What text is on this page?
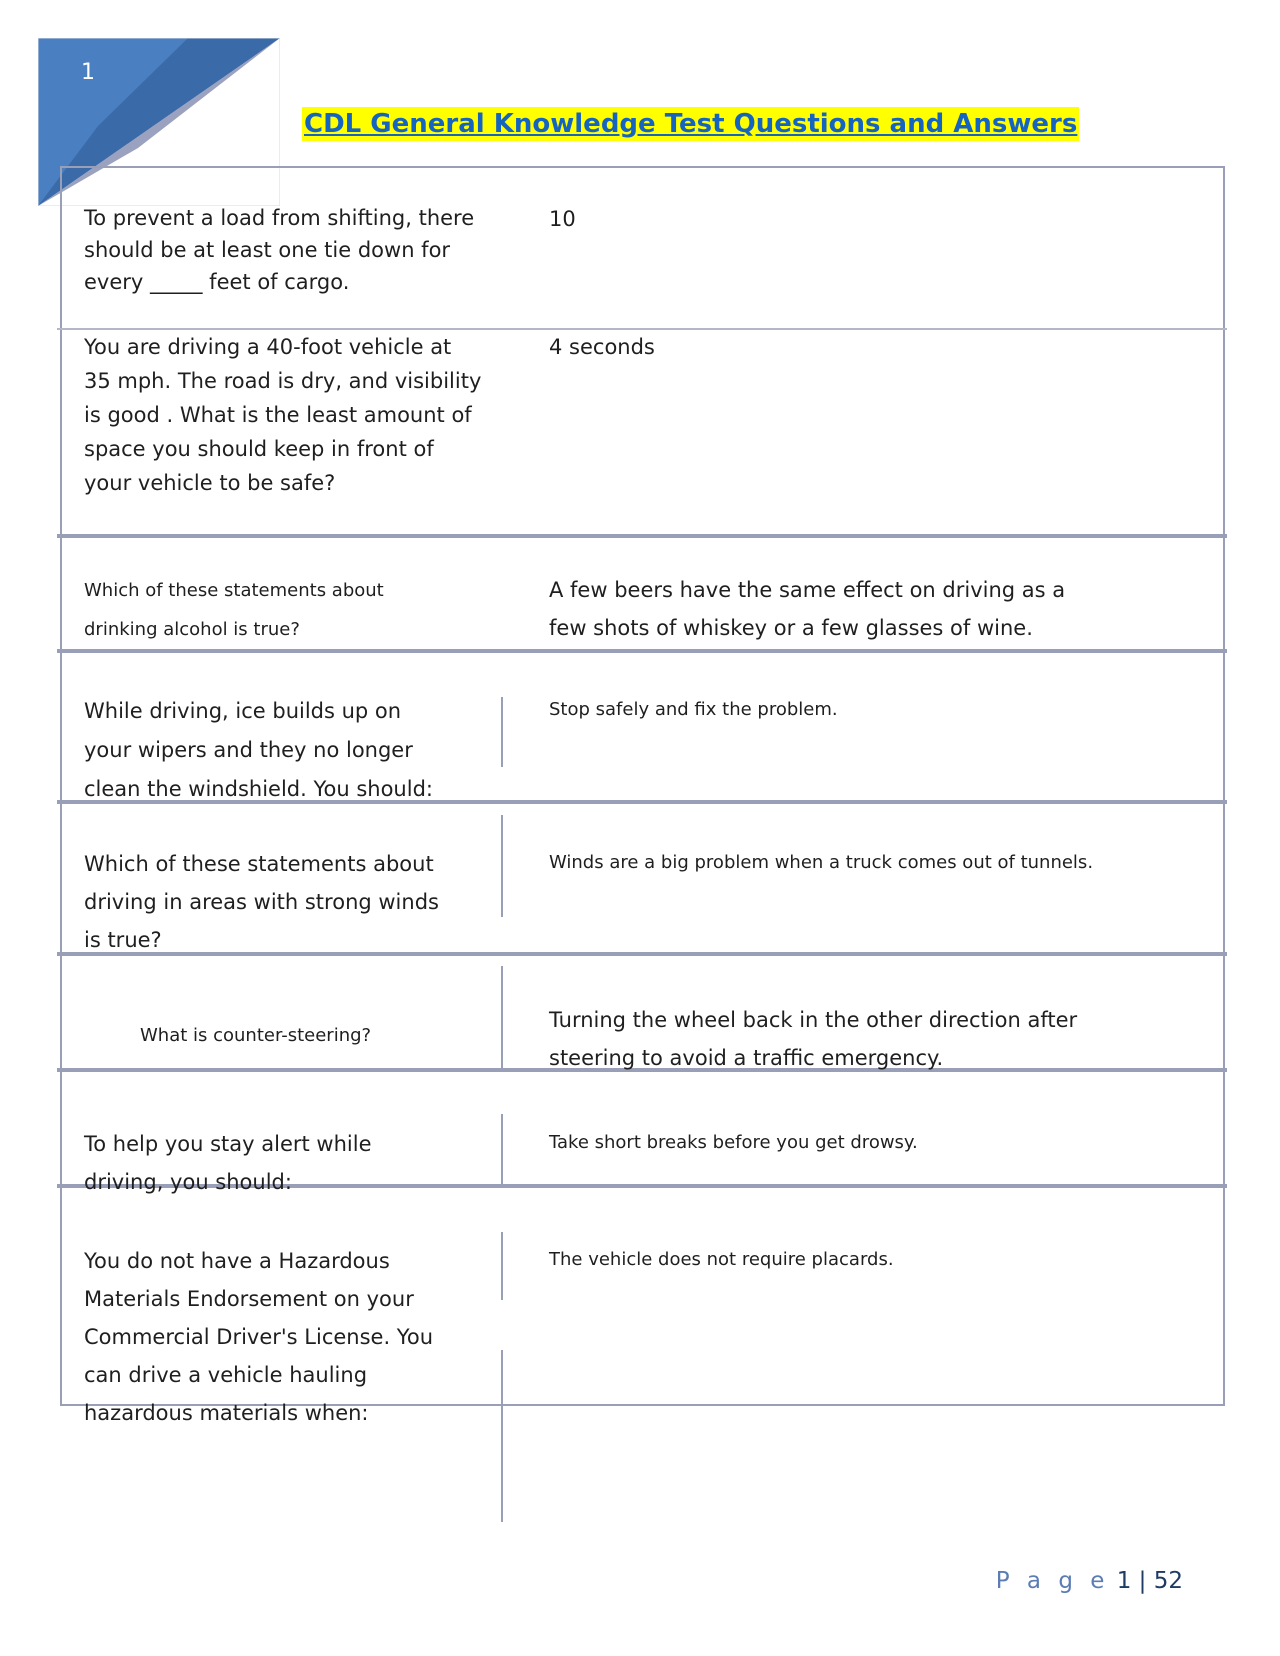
1
CDL General Knowledge Test Questions and Answers
To prevent a load from shifting, there should be at least one tie down for every _____ feet of cargo.
10
You are driving a 40-foot vehicle at 35 mph. The road is dry, and visibility is good . What is the least amount of space you should keep in front of your vehicle to be safe?
4 seconds
Which of these statements about drinking alcohol is true?
A few beers have the same effect on driving as a few shots of whiskey or a few glasses of wine.
While driving, ice builds up on your wipers and they no longer clean the windshield. You should:
Stop safely and fix the problem.
Which of these statements about driving in areas with strong winds is true?
Winds are a big problem when a truck comes out of tunnels.
What is counter-steering?
Turning the wheel back in the other direction after steering to avoid a traffic emergency.
To help you stay alert while driving, you should:
Take short breaks before you get drowsy.
You do not have a Hazardous Materials Endorsement on your Commercial Driver's License. You can drive a vehicle hauling hazardous materials when:
The vehicle does not require placards.
P a g e 1 | 52
